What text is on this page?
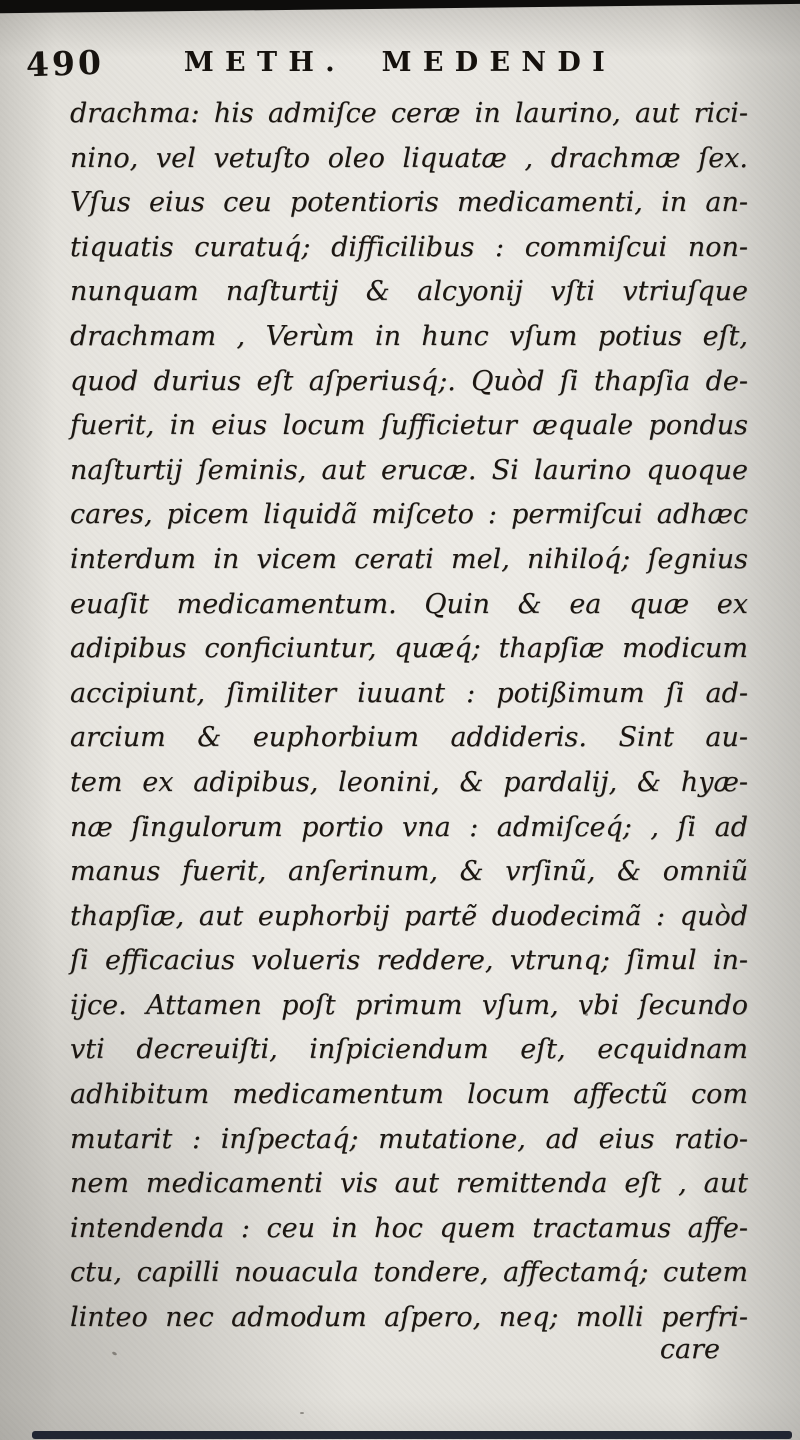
490	METH. MEDENDI
drachma: his admiſce ceræ in laurino, aut rici-
nino, vel vetuſto oleo liquatæ , drachmæ ſex.
Vſus eius ceu potentioris medicamenti, in an-
tiquatis curatuq́; difficilibus : commiſcui non-
nunquam naſturtij & alcyonij vſti vtriuſque
drachmam , Verùm in hunc vſum potius eſt,
quod durius eſt aſperiusq́;. Quòd ſi thapſia de-
fuerit, in eius locum ſufficietur æquale pondus
naſturtij ſeminis, aut erucæ. Si laurino quoque
cares, picem liquidã miſceto : permiſcui adhæc
interdum in vicem cerati mel, nihiloq́; ſegnius
euaſit medicamentum. Quin & ea quæ ex
adipibus conficiuntur, quæq́; thapſiæ modicum
accipiunt, ſimiliter iuuant : potißimum ſi ad-
arcium & euphorbium addideris. Sint au-
tem ex adipibus, leonini, & pardalij, & hyæ-
næ ſingulorum portio vna : admiſceq́; , ſi ad
manus fuerit, anſerinum, & vrſinũ, & omniũ
thapſiæ, aut euphorbij partẽ duodecimã : quòd
ſi efficacius volueris reddere, vtrunq; ſimul in-
ijce. Attamen poſt primum vſum, vbi ſecundo
vti decreuiſti, inſpiciendum eſt, ecquidnam
adhibitum medicamentum locum affectũ com
mutarit : inſpectaq́; mutatione, ad eius ratio-
nem medicamenti vis aut remittenda eſt , aut
intendenda : ceu in hoc quem tractamus affe-
ctu, capilli nouacula tondere, affectamq́; cutem
linteo nec admodum aſpero, neq; molli perfri-
care
